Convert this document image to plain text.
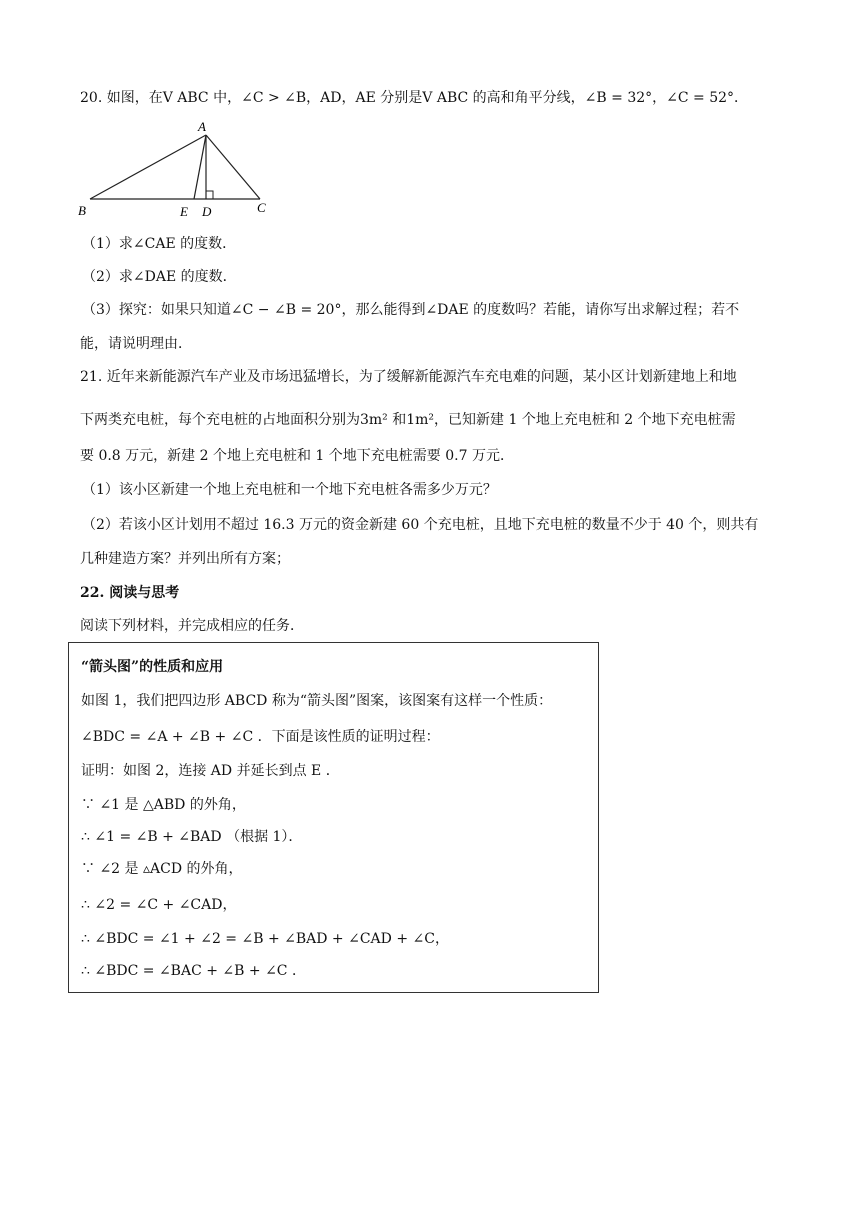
20. 如图，在V ABC 中，∠C > ∠B，AD，AE 分别是V ABC 的高和角平分线，∠B = 32°，∠C = 52°．
A
B	E D	C
（1）求∠CAE 的度数．
（2）求∠DAE 的度数．
（3）探究：如果只知道∠C − ∠B = 20°，那么能得到∠DAE 的度数吗？若能，请你写出求解过程；若不
能，请说明理由．
21. 近年来新能源汽车产业及市场迅猛增长，为了缓解新能源汽车充电难的问题，某小区计划新建地上和地
下两类充电桩，每个充电桩的占地面积分别为3m² 和1m²，已知新建 1 个地上充电桩和 2 个地下充电桩需
要 0.8 万元，新建 2 个地上充电桩和 1 个地下充电桩需要 0.7 万元．
（1）该小区新建一个地上充电桩和一个地下充电桩各需多少万元？
（2）若该小区计划用不超过 16.3 万元的资金新建 60 个充电桩，且地下充电桩的数量不少于 40 个，则共有
几种建造方案？并列出所有方案；
22. 阅读与思考
阅读下列材料，并完成相应的任务．
“箭头图”的性质和应用
如图 1，我们把四边形 ABCD 称为“箭头图”图案，该图案有这样一个性质：
∠BDC = ∠A + ∠B + ∠C ．下面是该性质的证明过程：
证明：如图 2，连接 AD 并延长到点 E ．
∵ ∠1 是 △ABD 的外角，
∴ ∠1 = ∠B + ∠BAD （根据 1）．
∵ ∠2 是 ▵ACD 的外角，
∴ ∠2 = ∠C + ∠CAD，
∴ ∠BDC = ∠1 + ∠2 = ∠B + ∠BAD + ∠CAD + ∠C，
∴ ∠BDC = ∠BAC + ∠B + ∠C ．
